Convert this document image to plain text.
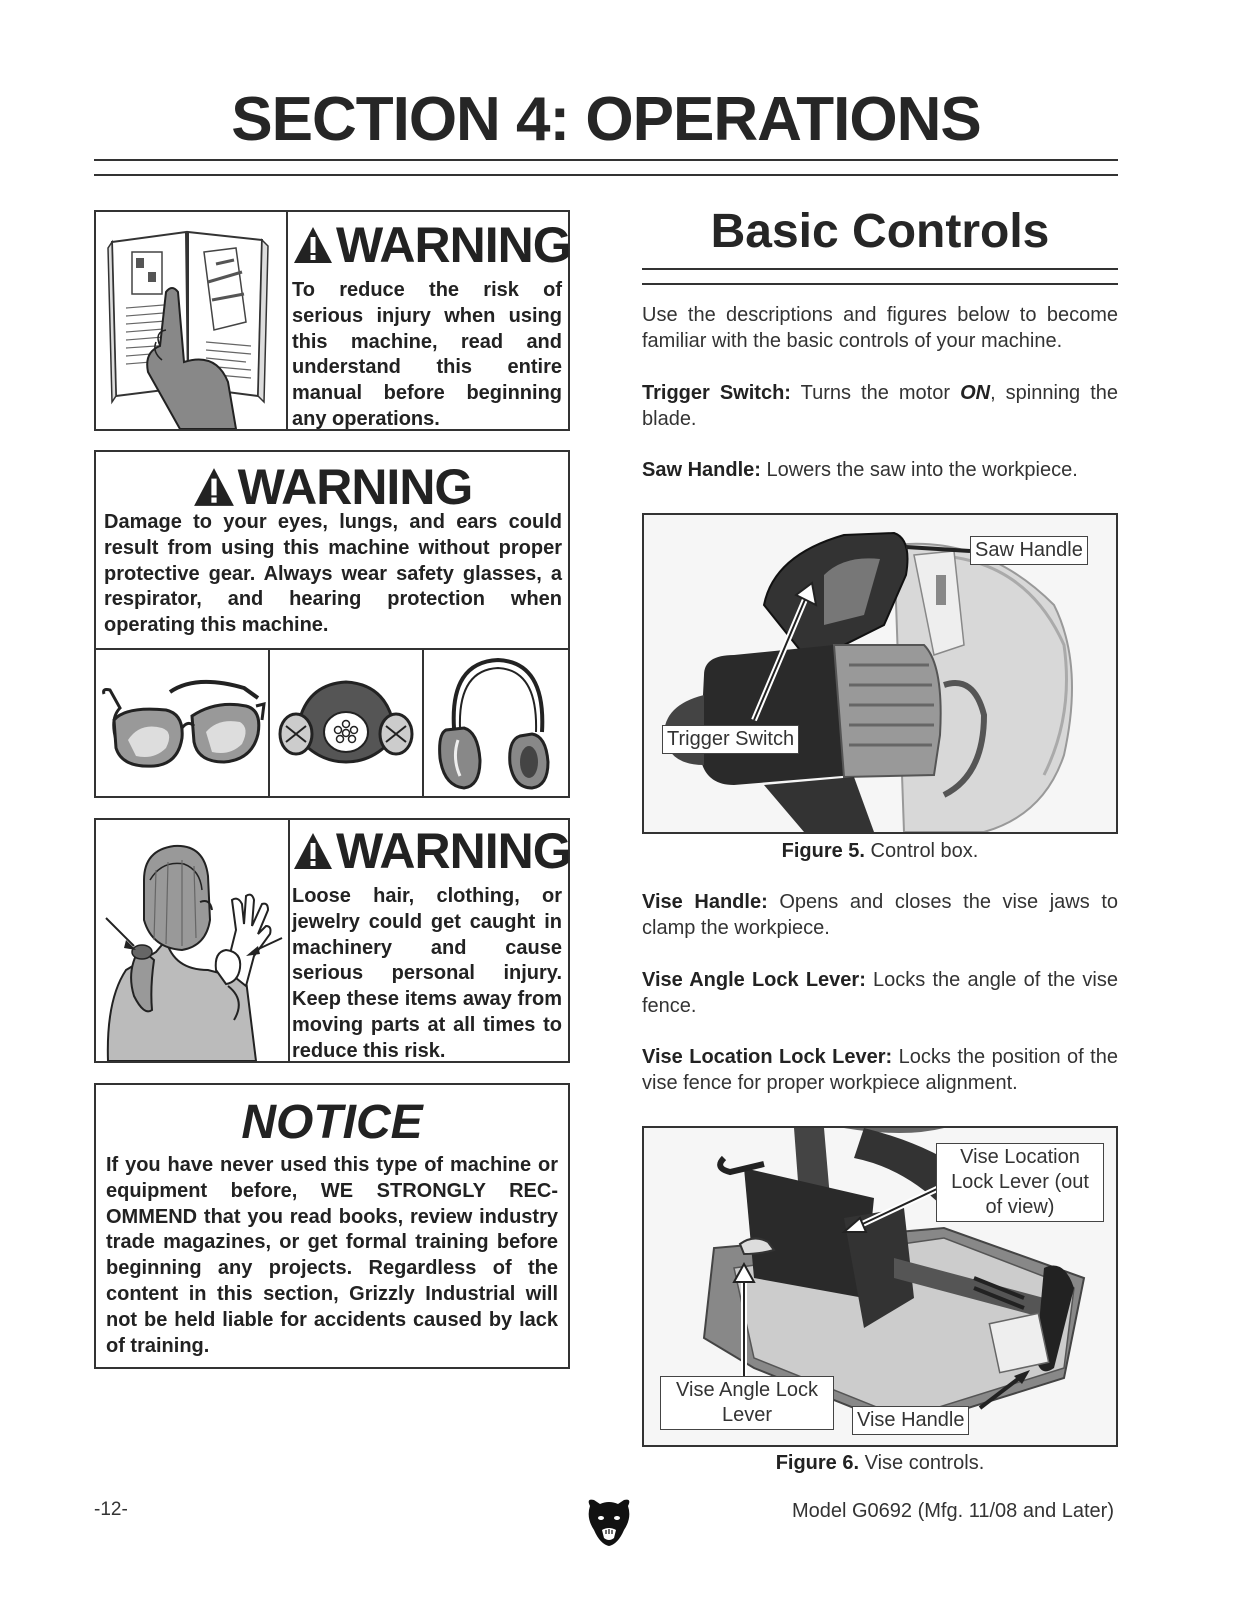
SECTION 4: OPERATIONS
WARNING
To reduce the risk of serious injury when using this machine, read and understand this entire manual before beginning any operations.
WARNING
Damage to your eyes, lungs, and ears could result from using this machine without proper protective gear. Always wear safety glasses, a respirator, and hearing protection when operating this machine.
WARNING
Loose hair, clothing, or jewelry could get caught in machinery and cause serious personal injury. Keep these items away from moving parts at all times to reduce this risk.
NOTICE
If you have never used this type of machine or equipment before, WE STRONGLY REC-OMMEND that you read books, review industry trade magazines, or get formal training before beginning any projects. Regardless of the content in this section, Grizzly Industrial will not be held liable for accidents caused by lack of training.
Basic Controls

Use the descriptions and figures below to become familiar with the basic controls of your machine.

Trigger Switch: Turns the motor ON, spinning the blade.

Saw Handle: Lowers the saw into the workpiece.

Saw Handle
Trigger Switch
Figure 5. Control box.

Vise Handle: Opens and closes the vise jaws to clamp the workpiece.

Vise Angle Lock Lever: Locks the angle of the vise fence.

Vise Location Lock Lever: Locks the position of the vise fence for proper workpiece alignment.

Vise Location Lock Lever (out of view)
Vise Angle Lock Lever	Vise Handle
Figure 6. Vise controls.
-12-	Model G0692 (Mfg. 11/08 and Later)
